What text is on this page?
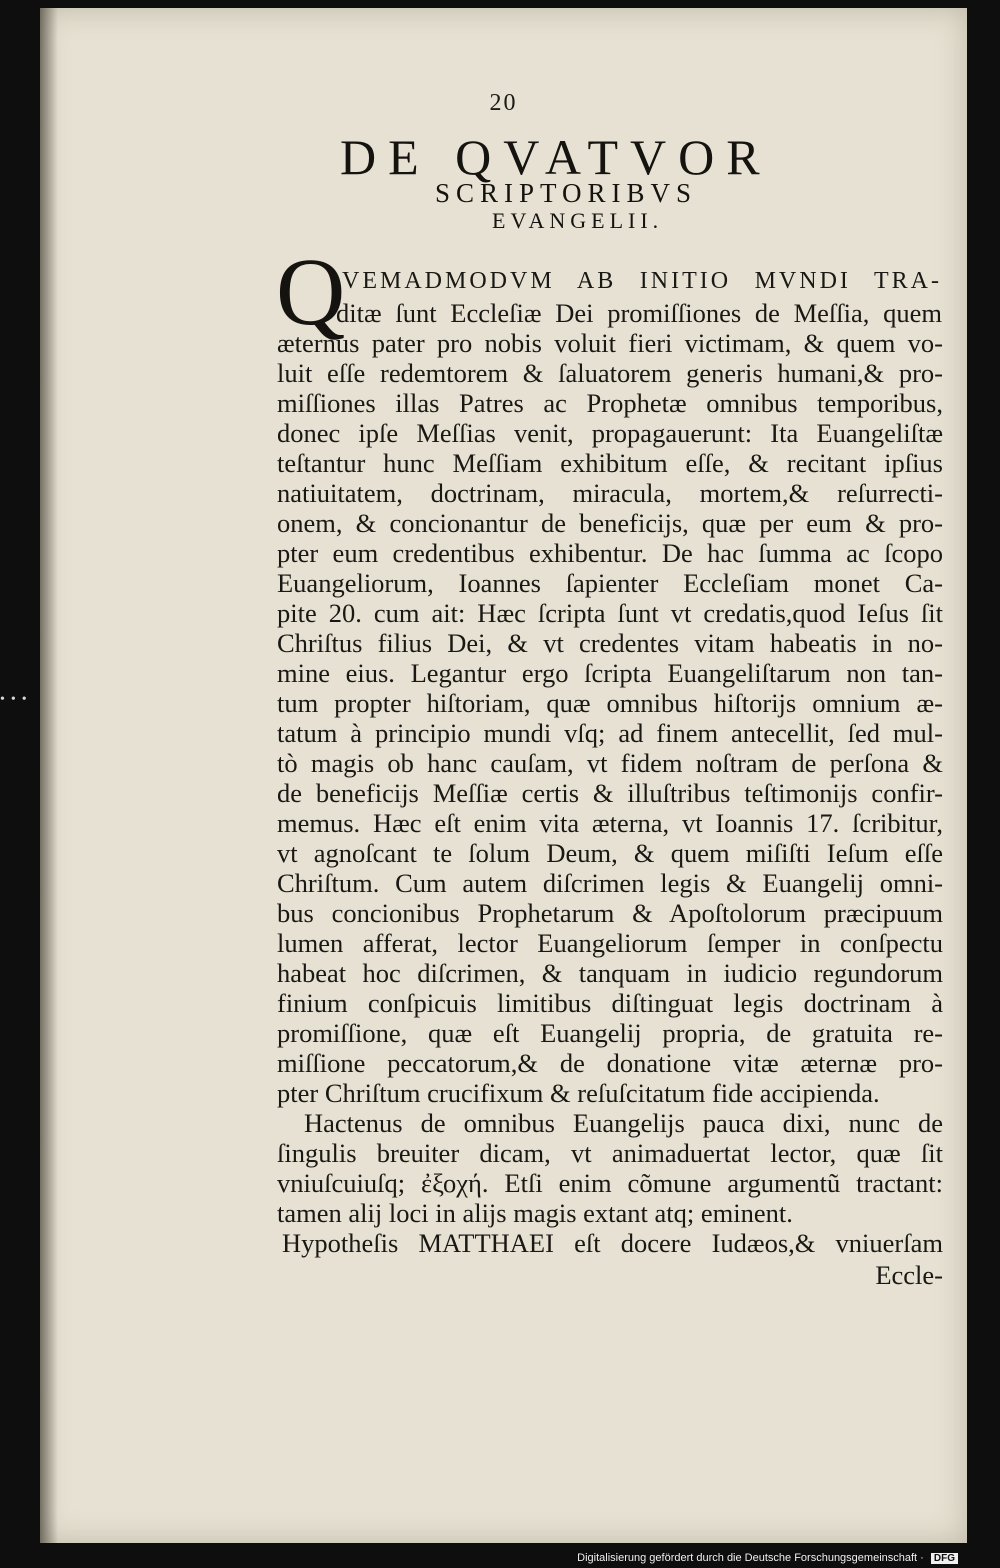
20
DE QVATVOR
SCRIPTORIBVS
EVANGELII.
Q
VEMADMODVM AB INITIO MVNDI TRA-
ditæ ſunt Eccleſiæ Dei promiſſiones de Meſſia, quem
æternus pater pro nobis voluit fieri victimam, & quem vo-
luit eſſe redemtorem & ſaluatorem generis humani,& pro-
miſſiones illas Patres ac Prophetæ omnibus temporibus,
donec ipſe Meſſias venit, propagauerunt: Ita Euangeliſtæ
teſtantur hunc Meſſiam exhibitum eſſe, & recitant ipſius
natiuitatem, doctrinam, miracula, mortem,& reſurrecti-
onem, & concionantur de beneficijs, quæ per eum & pro-
pter eum credentibus exhibentur. De hac ſumma ac ſcopo
Euangeliorum, Ioannes ſapienter Eccleſiam monet Ca-
pite 20. cum ait: Hæc ſcripta ſunt vt credatis,quod Ieſus ſit
Chriſtus filius Dei, & vt credentes vitam habeatis in no-
mine eius. Legantur ergo ſcripta Euangeliſtarum non tan-
tum propter hiſtoriam, quæ omnibus hiſtorijs omnium æ-
tatum à principio mundi vſq; ad finem antecellit, ſed mul-
tò magis ob hanc cauſam, vt fidem noſtram de perſona &
de beneficijs Meſſiæ certis & illuſtribus teſtimonijs confir-
memus. Hæc eſt enim vita æterna, vt Ioannis 17. ſcribitur,
vt agnoſcant te ſolum Deum, & quem miſiſti Ieſum eſſe
Chriſtum. Cum autem diſcrimen legis & Euangelij omni-
bus concionibus Prophetarum & Apoſtolorum præcipuum
lumen afferat, lector Euangeliorum ſemper in conſpectu
habeat hoc diſcrimen, & tanquam in iudicio regundorum
finium conſpicuis limitibus diſtinguat legis doctrinam à
promiſſione, quæ eſt Euangelij propria, de gratuita re-
miſſione peccatorum,& de donatione vitæ æternæ pro-
pter Chriſtum crucifixum & reſuſcitatum fide accipienda.
Hactenus de omnibus Euangelijs pauca dixi, nunc de
ſingulis breuiter dicam, vt animaduertat lector, quæ ſit
vniuſcuiuſq; ἐξοχή. Etſi enim cõmune argumentũ tractant:
tamen alij loci in alijs magis extant atq; eminent.
Hypotheſis MATTHAEI eſt docere Iudæos,& vniuerſam
Eccle-
•••
Digitalisierung gefördert durch die Deutsche Forschungsgemeinschaft · DFG
